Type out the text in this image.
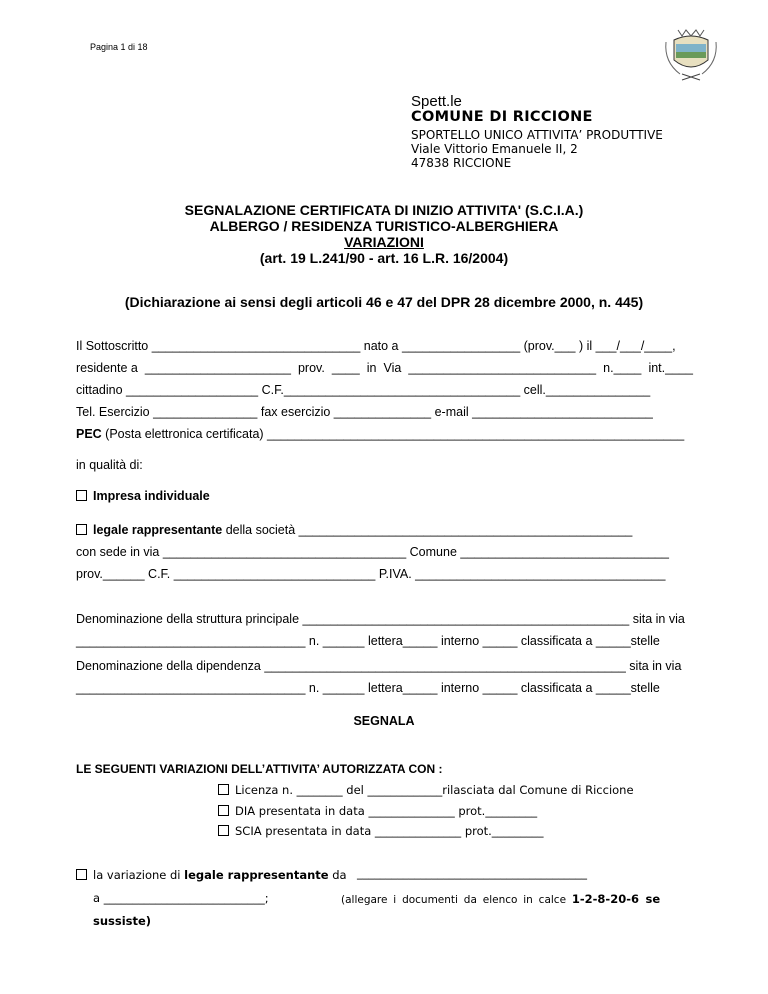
Pagina 1 di 18
Spett.le
COMUNE DI RICCIONE
SPORTELLO UNICO ATTIVITA’ PRODUTTIVE
Viale Vittorio Emanuele II, 2
47838 RICCIONE
SEGNALAZIONE CERTIFICATA DI INIZIO ATTIVITA' (S.C.I.A.)
ALBERGO / RESIDENZA TURISTICO-ALBERGHIERA
VARIAZIONI
(art. 19 L.241/90 - art. 16 L.R. 16/2004)
(Dichiarazione ai sensi degli articoli 46 e 47 del DPR 28 dicembre 2000, n. 445)
Il Sottoscritto ______________________________ nato a _________________ (prov.___ ) il ___/___/____,
residente a _____________________ prov. ____ in Via ___________________________ n.____ int.____
cittadino ___________________ C.F.__________________________________ cell._______________
Tel. Esercizio _______________ fax esercizio ______________ e-mail __________________________
PEC (Posta elettronica certificata) ____________________________________________________________
in qualità di:
Impresa individuale
legale rappresentante della società ________________________________________________
con sede in via ___________________________________ Comune ______________________________
prov.______ C.F. _____________________________ P.IVA. ____________________________________
Denominazione della struttura principale _______________________________________________ sita in via
_________________________________ n. ______ lettera_____ interno _____ classificata a _____stelle
Denominazione della dipendenza ____________________________________________________ sita in via
_________________________________ n. ______ lettera_____ interno _____ classificata a _____stelle
SEGNALA
LE SEGUENTI VARIAZIONI DELL’ATTIVITA’ AUTORIZZATA CON :
Licenza n. ________ del _____________rilasciata dal Comune di Riccione
DIA presentata in data _______________ prot._________
SCIA presentata in data _______________ prot._________
la variazione di legale rappresentante da ________________________________________
a ____________________________;	(allegare i documenti da elenco in calce 1-2-8-20-6 se
sussiste)
